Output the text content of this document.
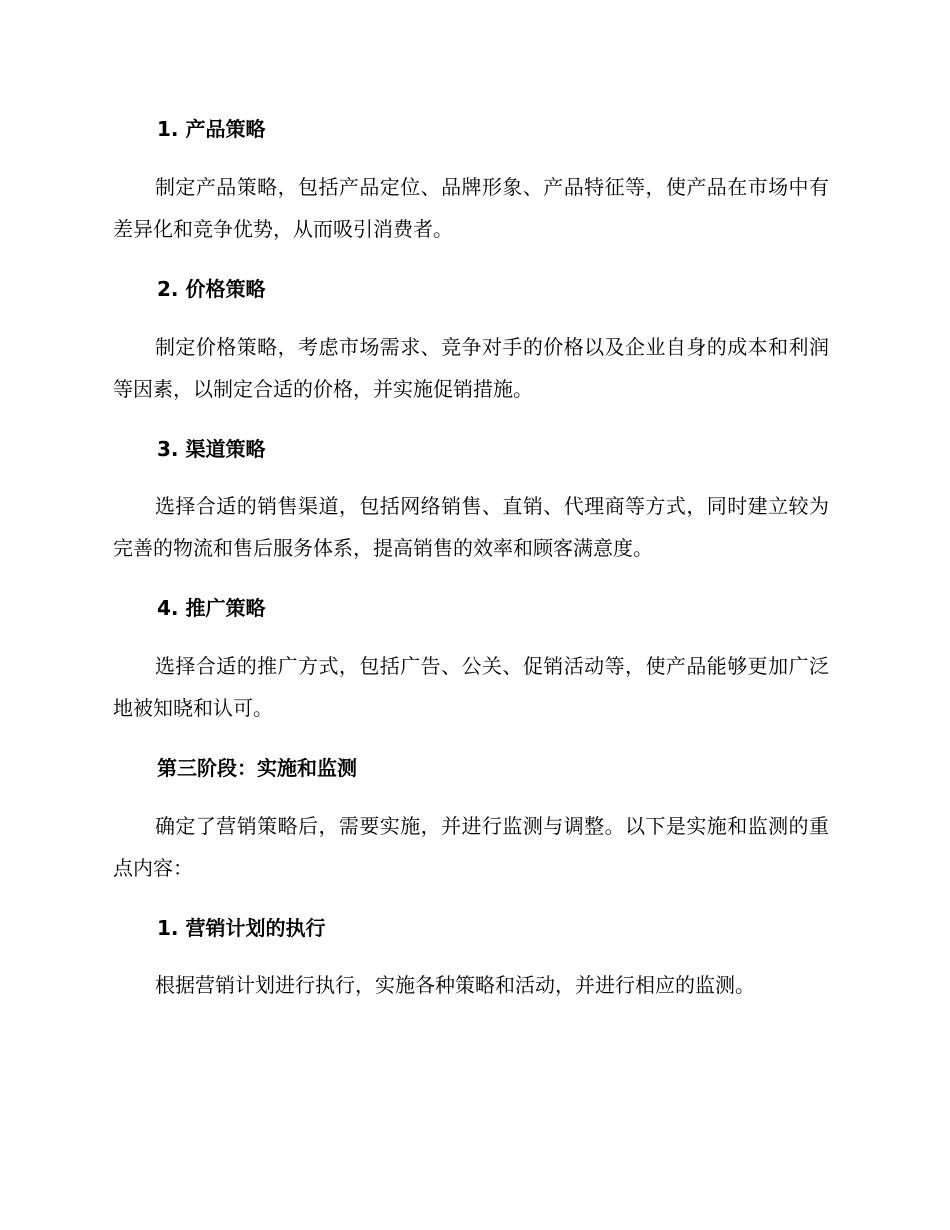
1. 产品策略
制定产品策略，包括产品定位、品牌形象、产品特征等，使产品在市场中有差异化和竞争优势，从而吸引消费者。
2. 价格策略
制定价格策略，考虑市场需求、竞争对手的价格以及企业自身的成本和利润等因素，以制定合适的价格，并实施促销措施。
3. 渠道策略
选择合适的销售渠道，包括网络销售、直销、代理商等方式，同时建立较为完善的物流和售后服务体系，提高销售的效率和顾客满意度。
4. 推广策略
选择合适的推广方式，包括广告、公关、促销活动等，使产品能够更加广泛地被知晓和认可。
第三阶段：实施和监测
确定了营销策略后，需要实施，并进行监测与调整。以下是实施和监测的重点内容：
1. 营销计划的执行
根据营销计划进行执行，实施各种策略和活动，并进行相应的监测。
